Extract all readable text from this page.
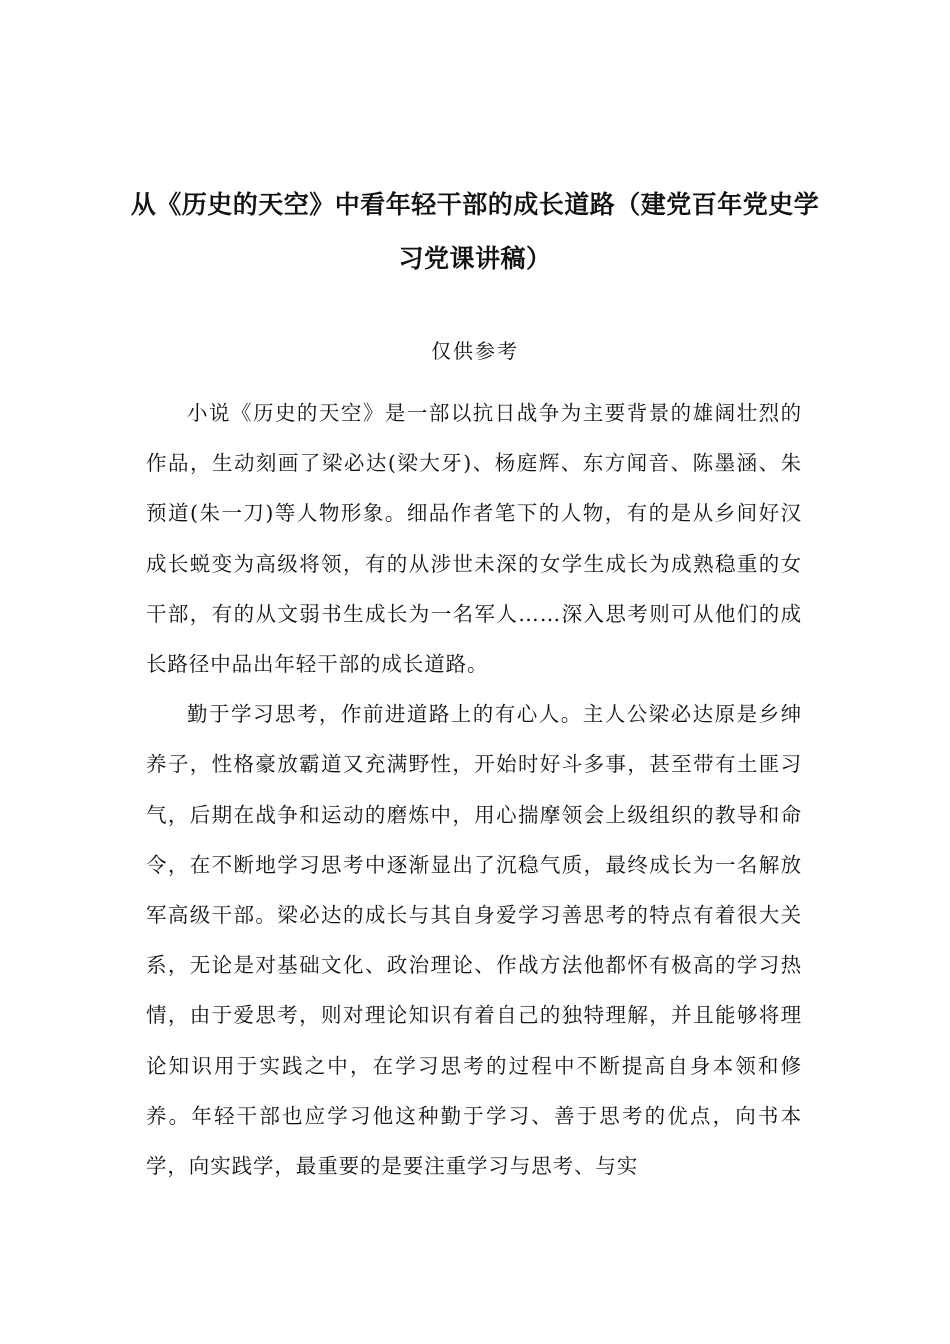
从《历史的天空》中看年轻干部的成长道路（建党百年党史学习党课讲稿）
仅供参考

小说《历史的天空》是一部以抗日战争为主要背景的雄阔壮烈的作品，生动刻画了梁必达(梁大牙)、杨庭辉、东方闻音、陈墨涵、朱预道(朱一刀)等人物形象。细品作者笔下的人物，有的是从乡间好汉成长蜕变为高级将领，有的从涉世未深的女学生成长为成熟稳重的女干部，有的从文弱书生成长为一名军人……深入思考则可从他们的成长路径中品出年轻干部的成长道路。

勤于学习思考，作前进道路上的有心人。主人公梁必达原是乡绅养子，性格豪放霸道又充满野性，开始时好斗多事，甚至带有土匪习气，后期在战争和运动的磨炼中，用心揣摩领会上级组织的教导和命令，在不断地学习思考中逐渐显出了沉稳气质，最终成长为一名解放军高级干部。梁必达的成长与其自身爱学习善思考的特点有着很大关系，无论是对基础文化、政治理论、作战方法他都怀有极高的学习热情，由于爱思考，则对理论知识有着自己的独特理解，并且能够将理论知识用于实践之中，在学习思考的过程中不断提高自身本领和修养。年轻干部也应学习他这种勤于学习、善于思考的优点，向书本学，向实践学，最重要的是要注重学习与思考、与实
